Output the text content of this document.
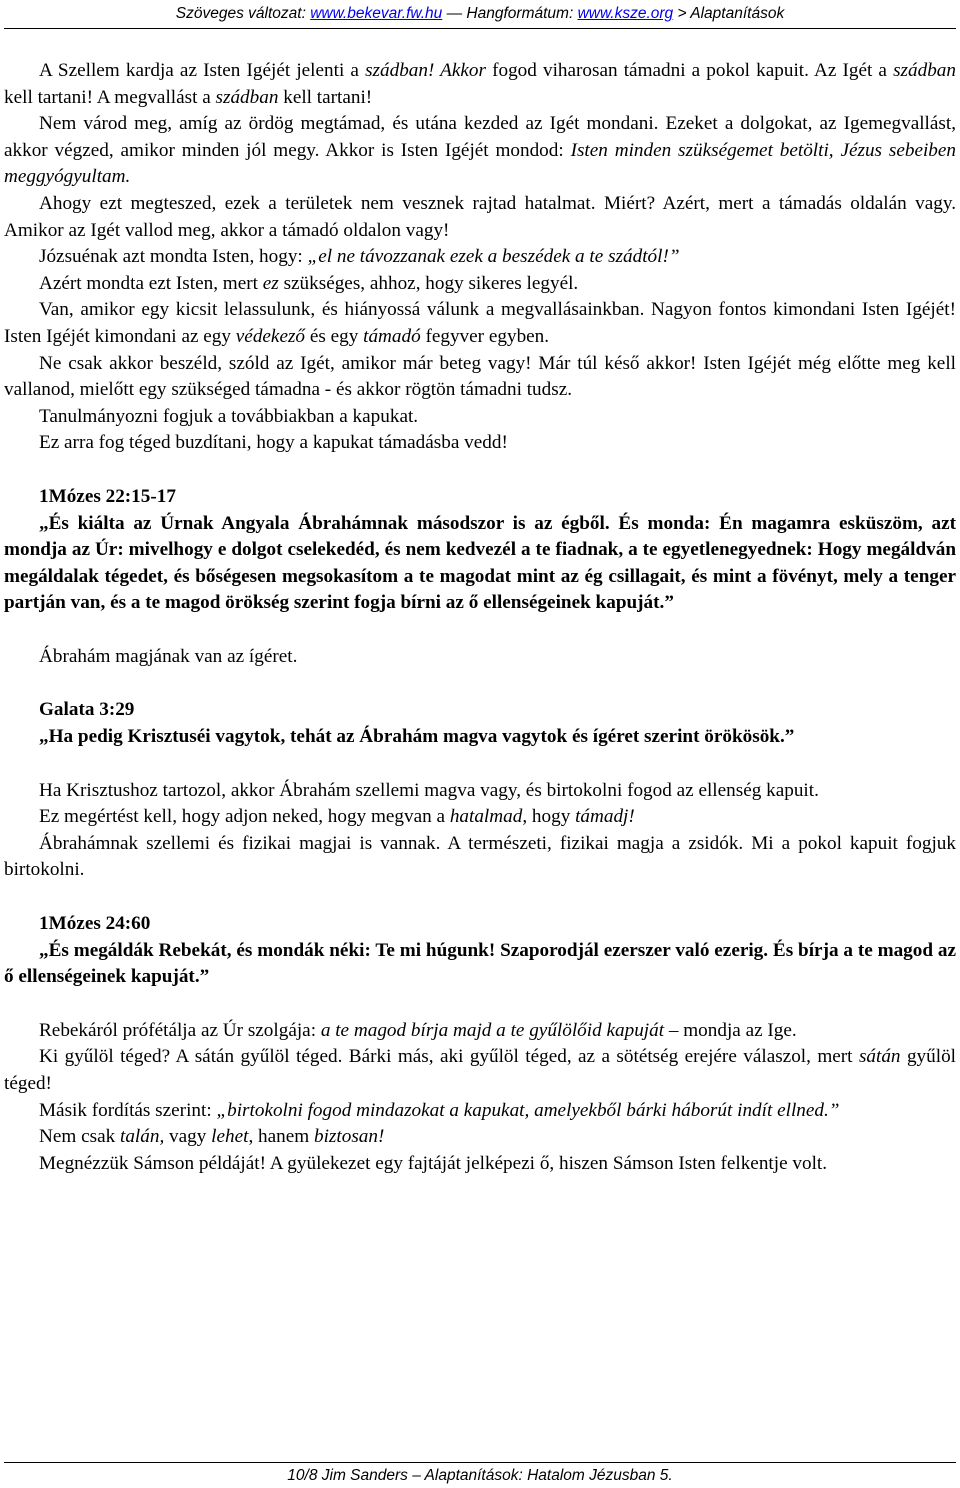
Szöveges változat: www.bekevar.fw.hu — Hangformátum: www.ksze.org > Alaptanítások

A Szellem kardja az Isten Igéjét jelenti a szádban! Akkor fogod viharosan támadni a pokol kapuit. Az Igét a szádban kell tartani! A megvallást a szádban kell tartani!

Nem várod meg, amíg az ördög megtámad, és utána kezded az Igét mondani. Ezeket a dolgokat, az Igemegvallást, akkor végzed, amikor minden jól megy. Akkor is Isten Igéjét mondod: Isten minden szükségemet betölti, Jézus sebeiben meggyógyultam.

Ahogy ezt megteszed, ezek a területek nem vesznek rajtad hatalmat. Miért? Azért, mert a támadás oldalán vagy. Amikor az Igét vallod meg, akkor a támadó oldalon vagy!

Józsuénak azt mondta Isten, hogy: „el ne távozzanak ezek a beszédek a te szádtól!”

Azért mondta ezt Isten, mert ez szükséges, ahhoz, hogy sikeres legyél.

Van, amikor egy kicsit lelassulunk, és hiányossá válunk a megvallásainkban. Nagyon fontos kimondani Isten Igéjét! Isten Igéjét kimondani az egy védekező és egy támadó fegyver egyben.

Ne csak akkor beszéld, szóld az Igét, amikor már beteg vagy! Már túl késő akkor! Isten Igéjét még előtte meg kell vallanod, mielőtt egy szükséged támadna - és akkor rögtön támadni tudsz.

Tanulmányozni fogjuk a továbbiakban a kapukat.

Ez arra fog téged buzdítani, hogy a kapukat támadásba vedd!

1Mózes 22:15-17

„És kiálta az Úrnak Angyala Ábrahámnak másodszor is az égből. És monda: Én magamra esküszöm, azt mondja az Úr: mivelhogy e dolgot cselekedéd, és nem kedvezél a te fiadnak, a te egyetlenegyednek: Hogy megáldván megáldalak tégedet, és bőségesen megsokasítom a te magodat mint az ég csillagait, és mint a fövényt, mely a tenger partján van, és a te magod örökség szerint fogja bírni az ő ellenségeinek kapuját.”

Ábrahám magjának van az ígéret.

Galata 3:29

„Ha pedig Krisztuséi vagytok, tehát az Ábrahám magva vagytok és ígéret szerint örökösök.”

Ha Krisztushoz tartozol, akkor Ábrahám szellemi magva vagy, és birtokolni fogod az ellenség kapuit.

Ez megértést kell, hogy adjon neked, hogy megvan a hatalmad, hogy támadj!

Ábrahámnak szellemi és fizikai magjai is vannak. A természeti, fizikai magja a zsidók. Mi a pokol kapuit fogjuk birtokolni.

1Mózes 24:60

„És megáldák Rebekát, és mondák néki: Te mi húgunk! Szaporodjál ezerszer való ezerig. És bírja a te magod az ő ellenségeinek kapuját.”

Rebekáról prófétálja az Úr szolgája: a te magod bírja majd a te gyűlölőid kapuját – mondja az Ige.

Ki gyűlöl téged? A sátán gyűlöl téged. Bárki más, aki gyűlöl téged, az a sötétség erejére válaszol, mert sátán gyűlöl téged!

Másik fordítás szerint: „birtokolni fogod mindazokat a kapukat, amelyekből bárki háborút indít ellned.”

Nem csak talán, vagy lehet, hanem biztosan!

Megnézzük Sámson példáját! A gyülekezet egy fajtáját jelképezi ő, hiszen Sámson Isten felkentje volt.

10/8 Jim Sanders – Alaptanítások: Hatalom Jézusban 5.
